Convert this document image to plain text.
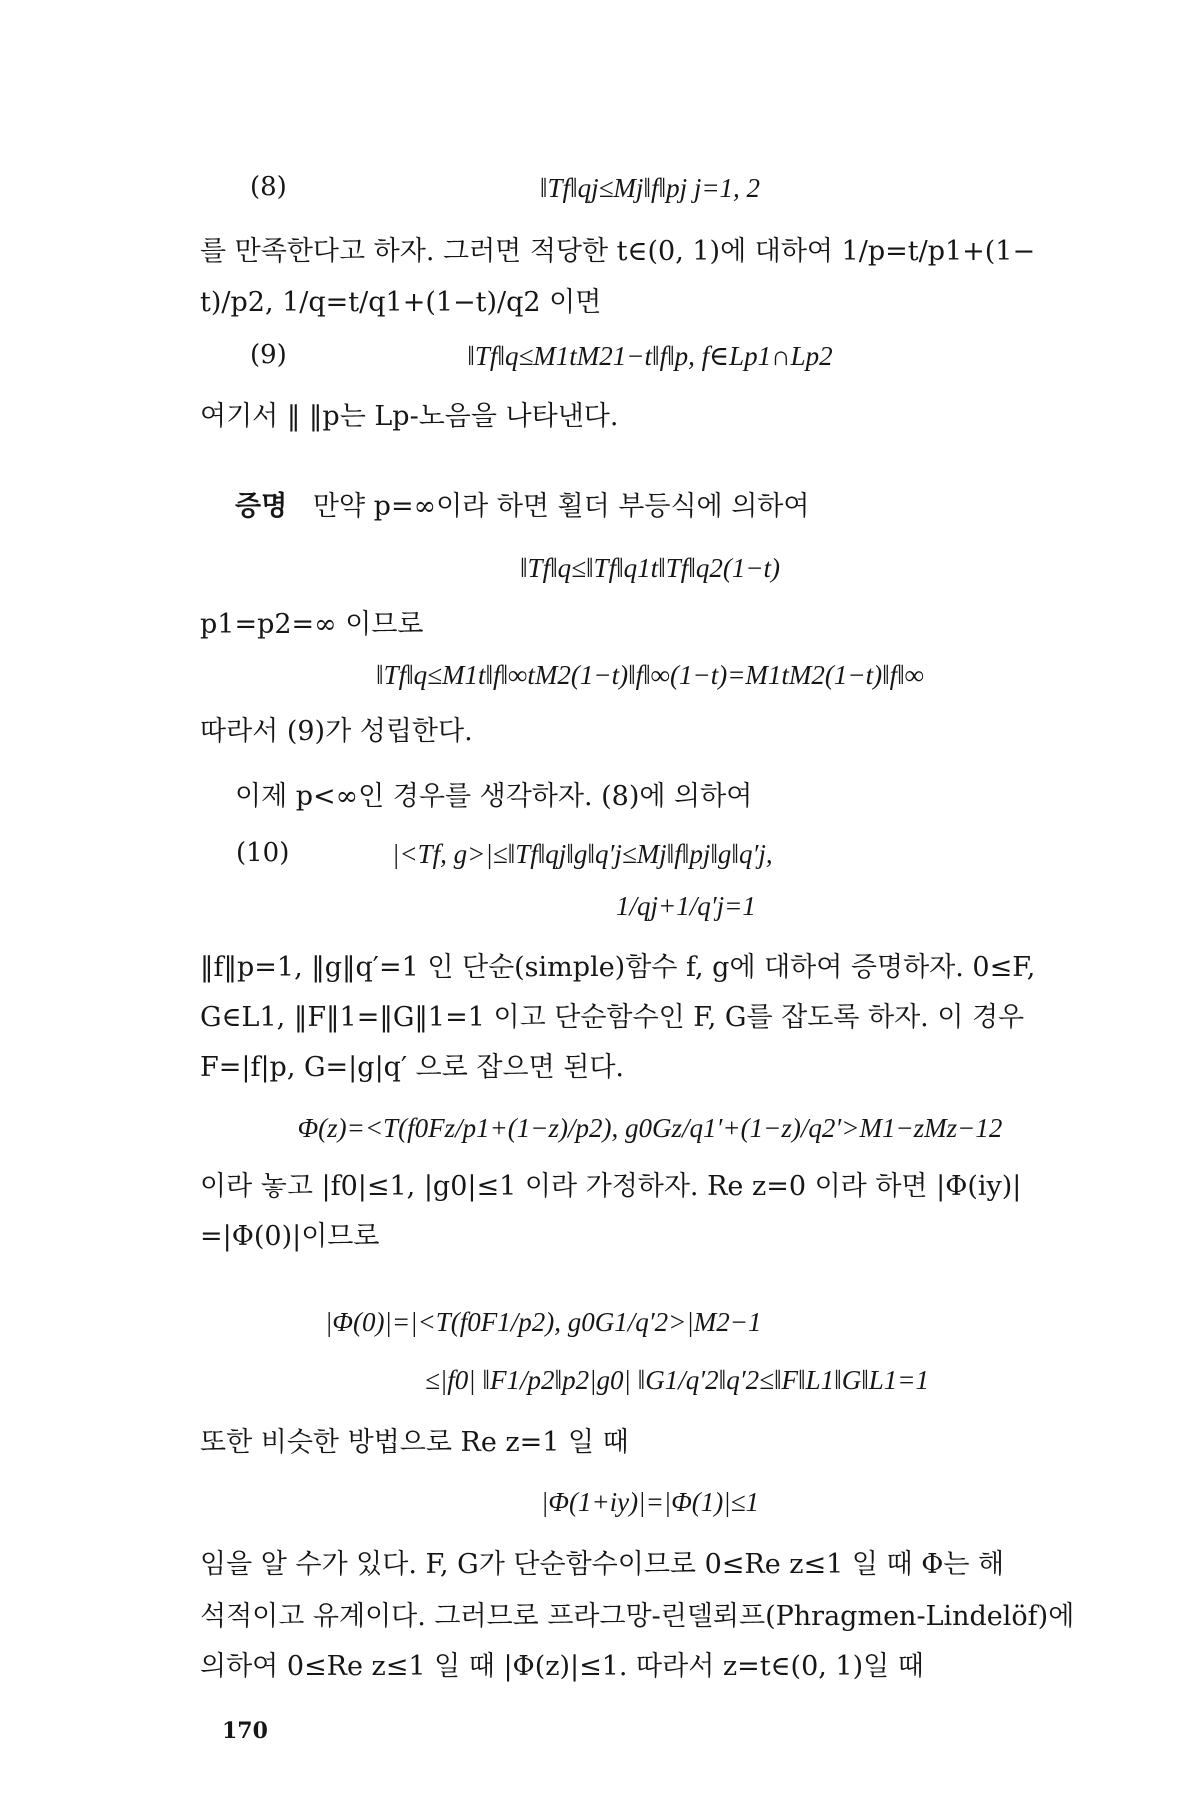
(8)	‖Tf‖qj≤Mj‖f‖pj j=1, 2
를 만족한다고 하자. 그러면 적당한 t∈(0, 1)에 대하여 1/p=t/p1+(1−
t)/p2, 1/q=t/q1+(1−t)/q2 이면
(9)	‖Tf‖q≤M1tM21−t‖f‖p, f∈Lp1∩Lp2
여기서 ‖ ‖p는 Lp-노음을 나타낸다.
증명 만약 p=∞이라 하면 횔더 부등식에 의하여
‖Tf‖q≤‖Tf‖q1t‖Tf‖q2(1−t)
p1=p2=∞ 이므로
‖Tf‖q≤M1t‖f‖∞tM2(1−t)‖f‖∞(1−t)=M1tM2(1−t)‖f‖∞
따라서 (9)가 성립한다.
이제 p<∞인 경우를 생각하자. (8)에 의하여
(10)	|<Tf, g>|≤‖Tf‖qj‖g‖q′j≤Mj‖f‖pj‖g‖q′j,
1/qj+1/q′j=1
‖f‖p=1, ‖g‖q′=1 인 단순(simple)함수 f, g에 대하여 증명하자. 0≤F,
G∈L1, ‖F‖1=‖G‖1=1 이고 단순함수인 F, G를 잡도록 하자. 이 경우
F=|f|p, G=|g|q′ 으로 잡으면 된다.
Φ(z)=<T(f0Fz/p1+(1−z)/p2), g0Gz/q1′+(1−z)/q2′>M1−zMz−12
이라 놓고 |f0|≤1, |g0|≤1 이라 가정하자. Re z=0 이라 하면 |Φ(iy)|
=|Φ(0)|이므로
|Φ(0)|=|<T(f0F1/p2), g0G1/q′2>|M2−1
≤|f0| ‖F1/p2‖p2|g0| ‖G1/q′2‖q′2≤‖F‖L1‖G‖L1=1
또한 비슷한 방법으로 Re z=1 일 때
|Φ(1+iy)|=|Φ(1)|≤1
임을 알 수가 있다. F, G가 단순함수이므로 0≤Re z≤1 일 때 Φ는 해
석적이고 유계이다. 그러므로 프라그망-린델뢰프(Phragmen-Lindelöf)에
의하여 0≤Re z≤1 일 때 |Φ(z)|≤1. 따라서 z=t∈(0, 1)일 때
170
